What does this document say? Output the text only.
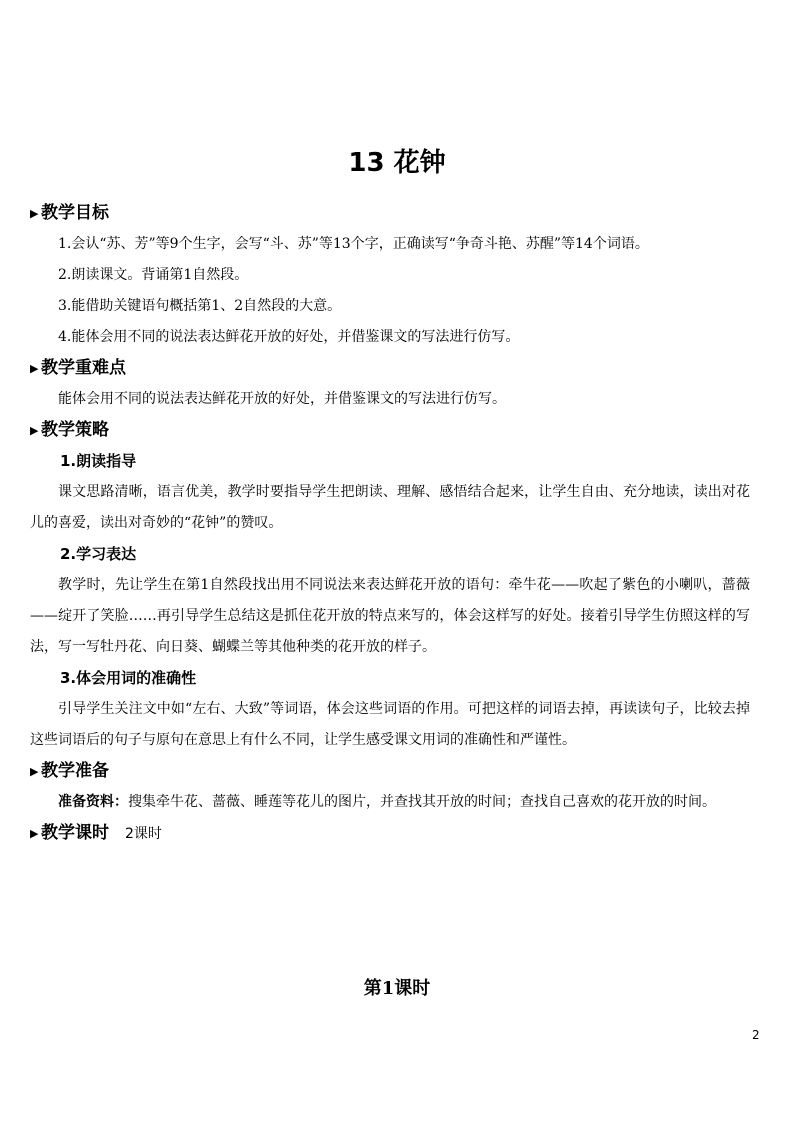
13 花钟
▶ 教学目标
1.会认“苏、芳”等9个生字，会写“斗、苏”等13个字，正确读写“争奇斗艳、苏醒”等14个词语。
2.朗读课文。背诵第1自然段。
3.能借助关键语句概括第1、2自然段的大意。
4.能体会用不同的说法表达鲜花开放的好处，并借鉴课文的写法进行仿写。
▶ 教学重难点
能体会用不同的说法表达鲜花开放的好处，并借鉴课文的写法进行仿写。
▶ 教学策略
1.朗读指导
课文思路清晰，语言优美，教学时要指导学生把朗读、理解、感悟结合起来，让学生自由、充分地读，读出对花儿的喜爱，读出对奇妙的“花钟”的赞叹。
2.学习表达
教学时，先让学生在第1自然段找出用不同说法来表达鲜花开放的语句：牵牛花——吹起了紫色的小喇叭，蔷薇——绽开了笑脸……再引导学生总结这是抓住花开放的特点来写的，体会这样写的好处。接着引导学生仿照这样的写法，写一写牡丹花、向日葵、蝴蝶兰等其他种类的花开放的样子。
3.体会用词的准确性
引导学生关注文中如“左右、大致”等词语，体会这些词语的作用。可把这样的词语去掉，再读读句子，比较去掉这些词语后的句子与原句在意思上有什么不同，让学生感受课文用词的准确性和严谨性。
▶ 教学准备
准备资料：搜集牵牛花、蔷薇、睡莲等花儿的图片，并查找其开放的时间；查找自己喜欢的花开放的时间。
▶ 教学课时 2课时
第1课时
2
